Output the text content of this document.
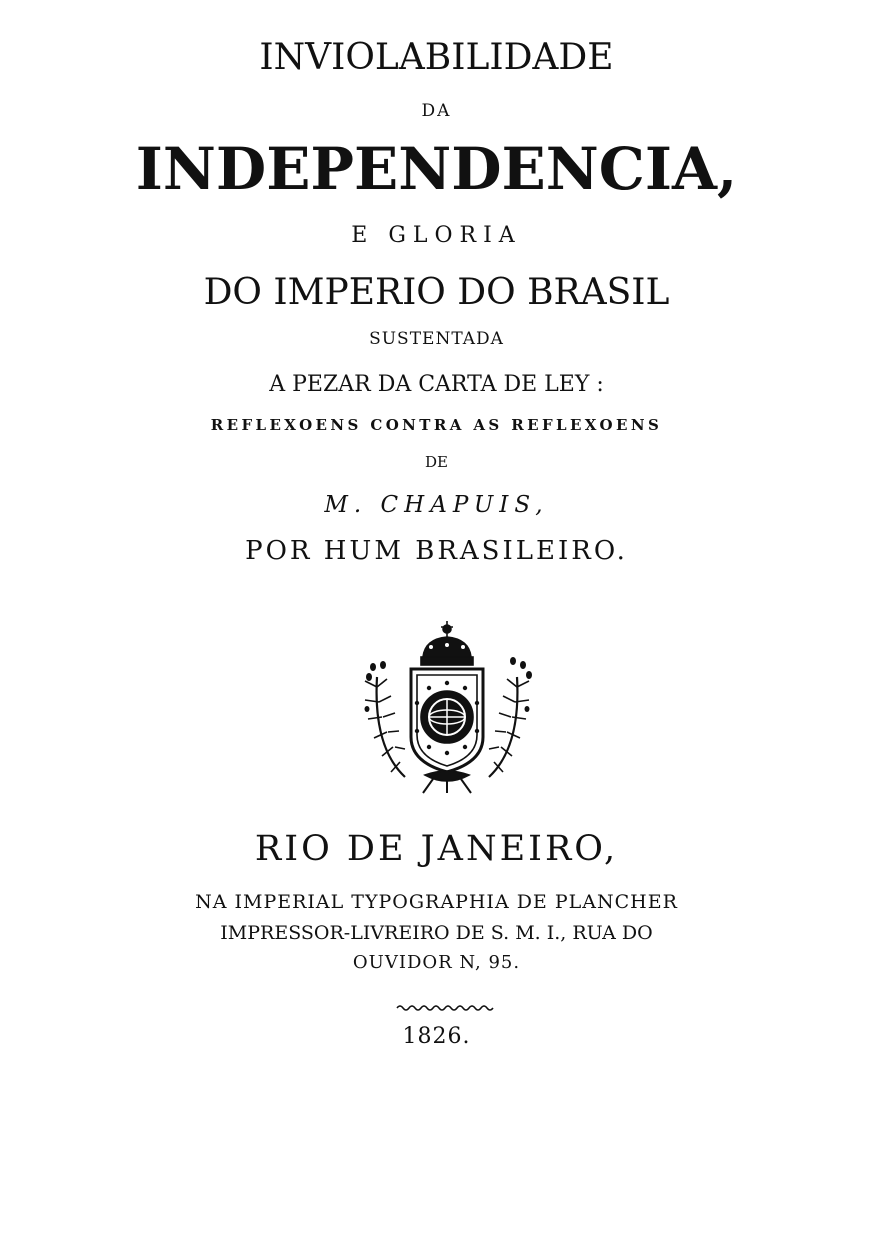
INVIOLABILIDADE

DA

INDEPENDENCIA,

E GLORIA

DO IMPERIO DO BRASIL

SUSTENTADA

A PEZAR DA CARTA DE LEY :

REFLEXOENS CONTRA AS REFLEXOENS

DE

M. CHAPUIS,

POR HUM BRASILEIRO.

RIO DE JANEIRO,

NA IMPERIAL TYPOGRAPHIA DE PLANCHER

IMPRESSOR-LIVREIRO DE S. M. I., RUA DO

OUVIDOR N, 95.

1826.
